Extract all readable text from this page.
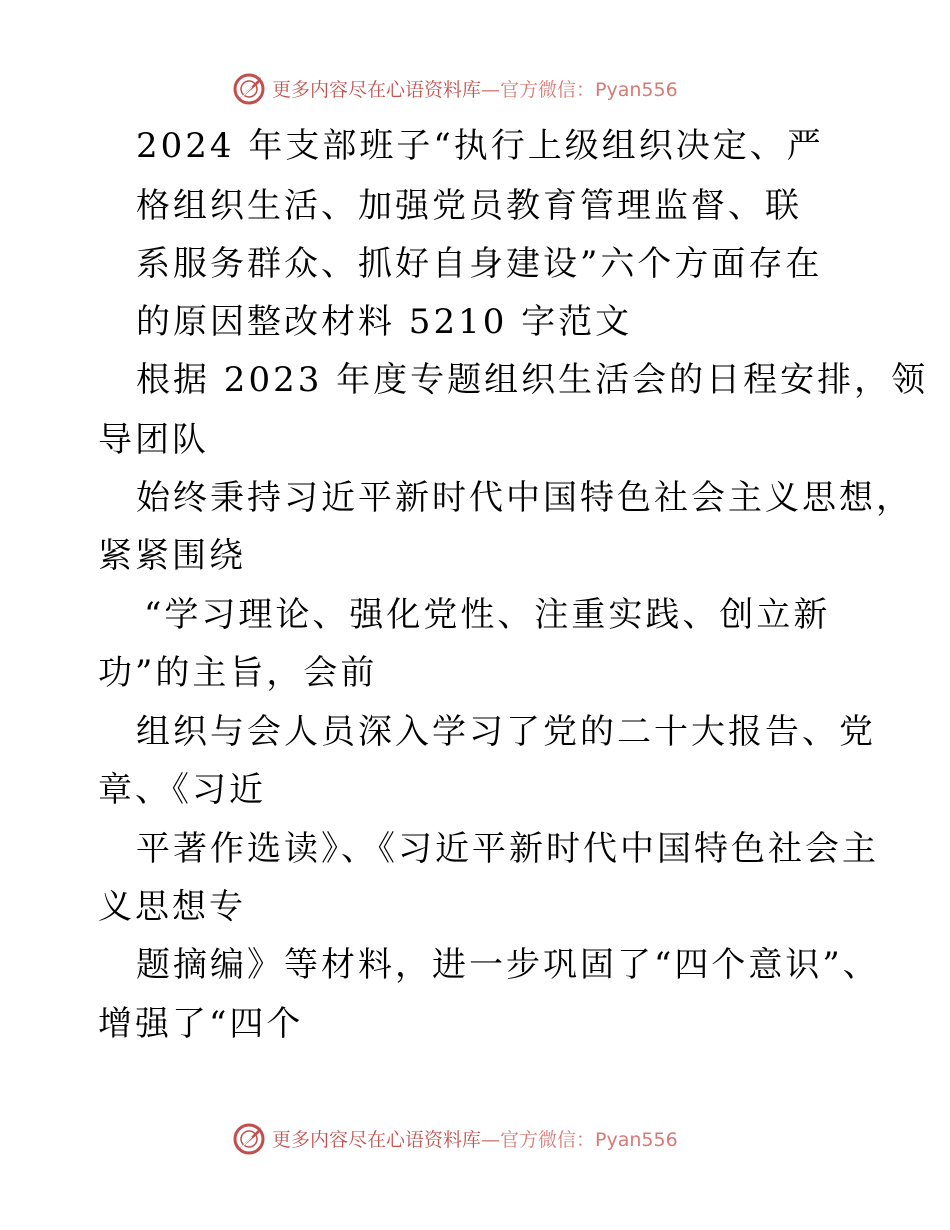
更多内容尽在心语资料库—官方微信：Pyan556
2024 年支部班子“执行上级组织决定、严
格组织生活、加强党员教育管理监督、联
系服务群众、抓好自身建设”六个方面存在
的原因整改材料 5210 字范文
根据 2023 年度专题组织生活会的日程安排，领
导团队
始终秉持习近平新时代中国特色社会主义思想，
紧紧围绕
“学习理论、强化党性、注重实践、创立新
功”的主旨，会前
组织与会人员深入学习了党的二十大报告、党
章、《习近
平著作选读》、《习近平新时代中国特色社会主
义思想专
题摘编》等材料，进一步巩固了“四个意识”、
增强了“四个
更多内容尽在心语资料库—官方微信：Pyan556
